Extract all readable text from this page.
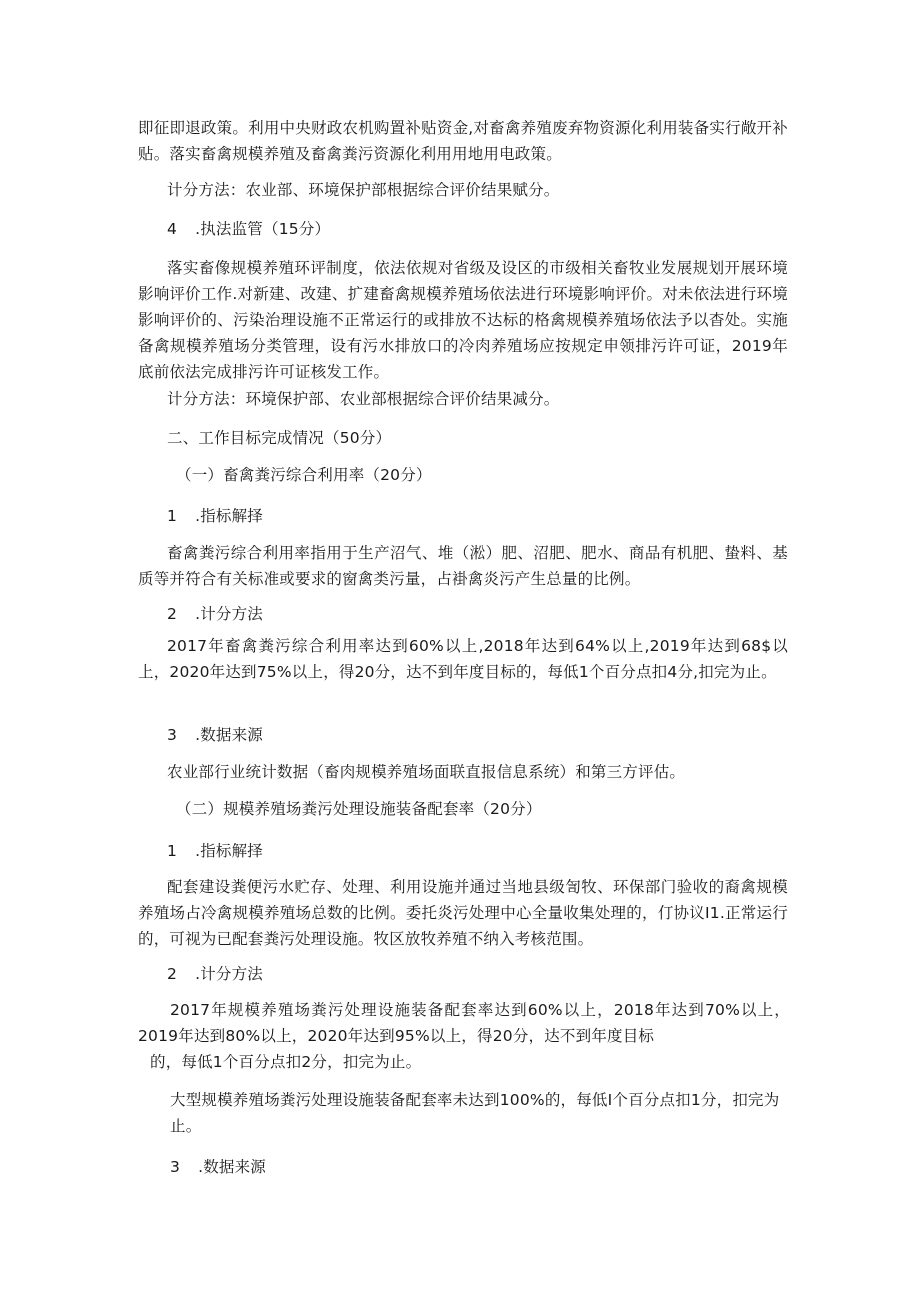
即征即退政策。利用中央财政农机购置补贴资金,对畜禽养殖废弃物资源化利用装备实行敞开补贴。落实畜禽规模养殖及畜禽粪污资源化利用用地用电政策。

计分方法：农业部、环境保护部根据综合评价结果赋分。

4 .执法监管（15分）

落实畜像规模养殖环评制度，依法依规对省级及设区的市级相关畜牧业发展规划开展环境影响评价工作.对新建、改建、扩建畜禽规模养殖场依法进行环境影响评价。对未依法进行环境影响评价的、污染治理设施不正常运行的或排放不达标的格禽规模养殖场依法予以杳处。实施备禽规模养殖场分类管理，设有污水排放口的冷肉养殖场应按规定申领排污许可证，2019年底前依法完成排污许可证核发工作。

计分方法：环境保护部、农业部根据综合评价结果减分。

二、工作目标完成情况（50分）

（一）畜禽粪污综合利用率（20分）

1 .指标解择

畜禽粪污综合利用率指用于生产沼气、堆（淞）肥、沼肥、肥水、商品有机肥、蛰料、基质等并符合有关标准或要求的窗禽类污量，占褂禽炎污产生总量的比例。

2 .计分方法

2017年畜禽粪污综合利用率达到60%以上,2018年达到64%以上,2019年达到68$以上，2020年达到75%以上，得20分，达不到年度目标的，每低1个百分点扣4分,扣完为止。

3 .数据来源

农业部行业统计数据（畜肉规模养殖场面联直报信息系统）和第三方评估。

（二）规模养殖场粪污处理设施装备配套率（20分）

1 .指标解择

配套建设粪便污水贮存、处理、利用设施并通过当地县级訇牧、环保部门验收的裔禽规模养殖场占冷禽规模养殖场总数的比例。委托炎污处理中心全量收集处理的，仃协议I1.正常运行的，可视为已配套粪污处理设施。牧区放牧养殖不纳入考核范围。

2 .计分方法

2017年规模养殖场粪污处理设施装备配套率达到60%以上，2018年达到70%以上，2019年达到80%以上，2020年达到95%以上，得20分，达不到年度目标

的，每低1个百分点扣2分，扣完为止。

大型规模养殖场粪污处理设施装备配套率未达到100%的，每低I个百分点扣1分，扣完为止。

3 .数据来源
